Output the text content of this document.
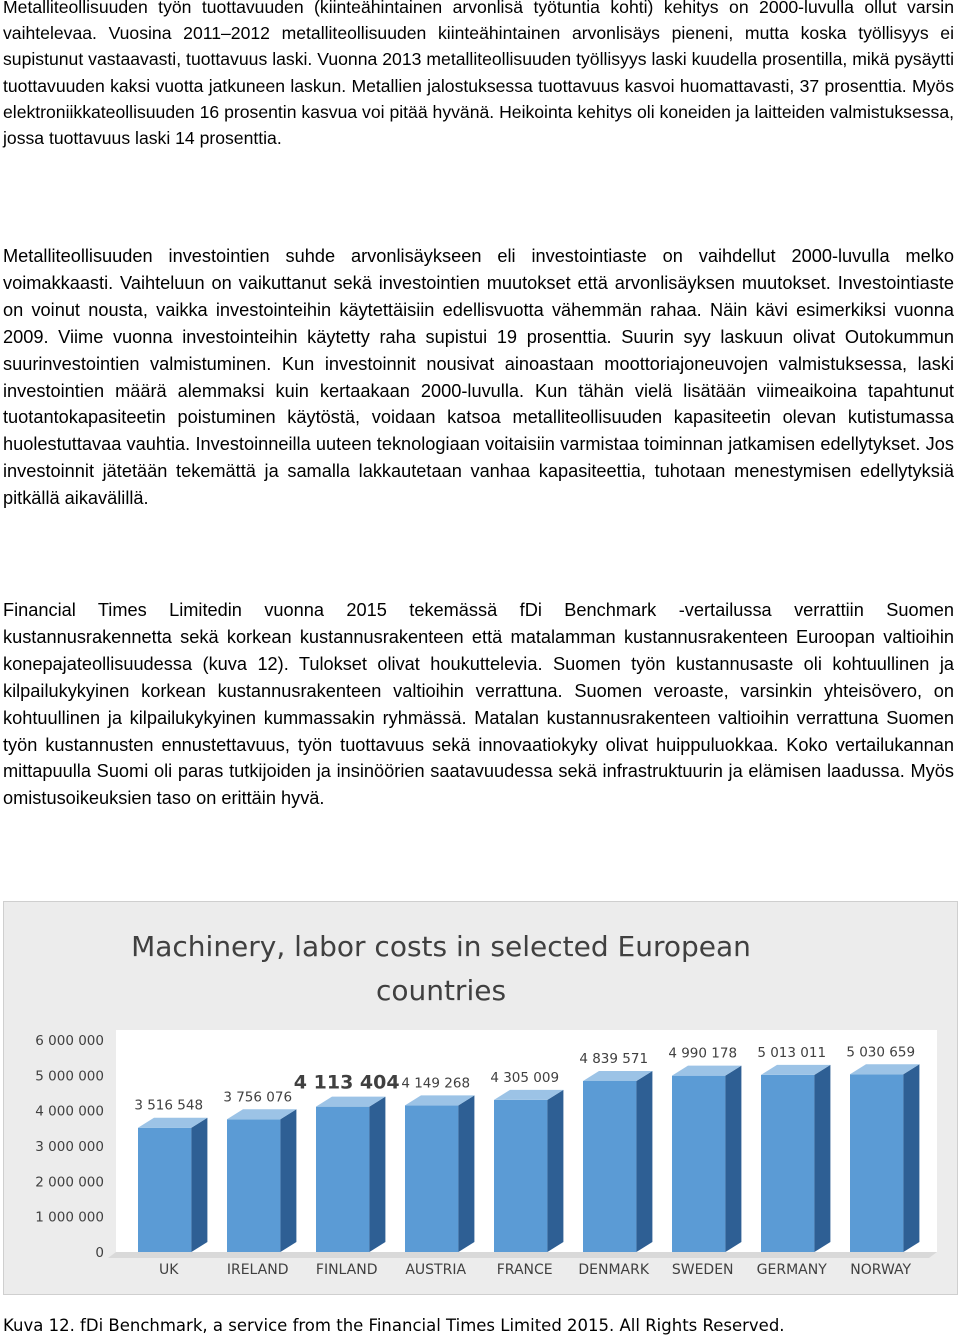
Metalliteollisuuden työn tuottavuuden (kiinteähintainen arvonlisä työtuntia kohti) kehitys on 2000-luvulla ollut varsin vaihtelevaa. Vuosina 2011–2012 metalliteollisuuden kiinteähintainen arvonlisäys pieneni, mutta koska työllisyys ei supistunut vastaavasti, tuottavuus laski. Vuonna 2013 metalliteollisuuden työllisyys laski kuudella prosentilla, mikä pysäytti tuottavuuden kaksi vuotta jatkuneen laskun. Metallien jalostuksessa tuottavuus kasvoi huomattavasti, 37 prosenttia. Myös elektroniikkateollisuuden 16 prosentin kasvua voi pitää hyvänä. Heikointa kehitys oli koneiden ja laitteiden valmistuksessa, jossa tuottavuus laski 14 prosenttia.

Metalliteollisuuden investointien suhde arvonlisäykseen eli investointiaste on vaihdellut 2000-luvulla melko voimakkaasti. Vaihteluun on vaikuttanut sekä investointien muutokset että arvonlisäyksen muutokset. Investointiaste on voinut nousta, vaikka investointeihin käytettäisiin edellisvuotta vähemmän rahaa. Näin kävi esimerkiksi vuonna 2009. Viime vuonna investointeihin käytetty raha supistui 19 prosenttia. Suurin syy laskuun olivat Outokummun suurinvestointien valmistuminen. Kun investoinnit nousivat ainoastaan moottoriajoneuvojen valmistuksessa, laski investointien määrä alemmaksi kuin kertaakaan 2000-luvulla. Kun tähän vielä lisätään viimeaikoina tapahtunut tuotantokapasiteetin poistuminen käytöstä, voidaan katsoa metalliteollisuuden kapasiteetin olevan kutistumassa huolestuttavaa vauhtia. Investoinneilla uuteen teknologiaan voitaisiin varmistaa toiminnan jatkamisen edellytykset. Jos investoinnit jätetään tekemättä ja samalla lakkautetaan vanhaa kapasiteettia, tuhotaan menestymisen edellytyksiä pitkällä aikavälillä.

Financial Times Limitedin vuonna 2015 tekemässä fDi Benchmark -vertailussa verrattiin Suomen kustannusrakennetta sekä korkean kustannusrakenteen että matalamman kustannusrakenteen Euroopan valtioihin konepajateollisuudessa (kuva 12). Tulokset olivat houkuttelevia. Suomen työn kustannusaste oli kohtuullinen ja kilpailukykyinen korkean kustannusrakenteen valtioihin verrattuna. Suomen veroaste, varsinkin yhteisövero, on kohtuullinen ja kilpailukykyinen kummassakin ryhmässä. Matalan kustannusrakenteen valtioihin verrattuna Suomen työn kustannusten ennustettavuus, työn tuottavuus sekä innovaatiokyky olivat huippuluokkaa. Koko vertailukannan mittapuulla Suomi oli paras tutkijoiden ja insinöörien saatavuudessa sekä infrastruktuurin ja elämisen laadussa. Myös omistusoikeuksien taso on erittäin hyvä.

Machinery, labor costs in selected European
countries
0
1 000 000
2 000 000
3 000 000
4 000 000
5 000 000
6 000 000
3 516 548
UK
3 756 076
IRELAND
4 113 404
FINLAND
4 149 268
AUSTRIA
4 305 009
FRANCE
4 839 571
DENMARK
4 990 178
SWEDEN
5 013 011
GERMANY
5 030 659
NORWAY

Kuva 12. fDi Benchmark, a service from the Financial Times Limited 2015. All Rights Reserved.
